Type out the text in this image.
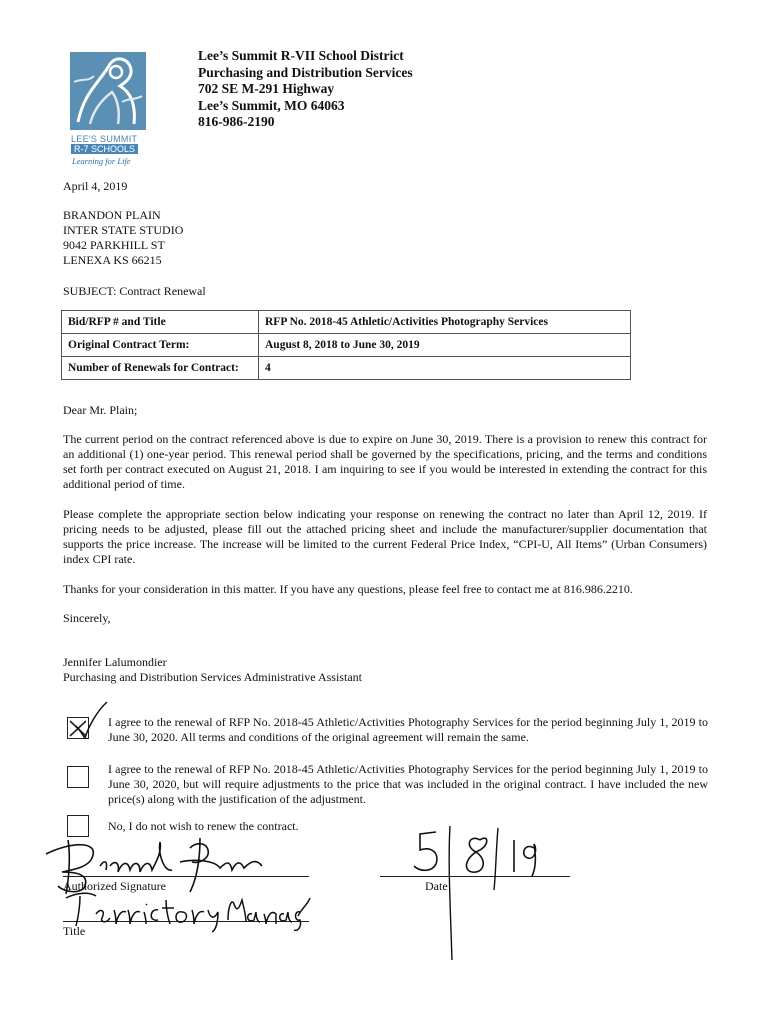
LEE'S SUMMIT
R-7 SCHOOLS
Learning for Life
Lee’s Summit R-VII School District
Purchasing and Distribution Services
702 SE M-291 Highway
Lee’s Summit, MO 64063
816-986-2190
April 4, 2019
BRANDON PLAIN
INTER STATE STUDIO
9042 PARKHILL ST
LENEXA KS 66215
SUBJECT: Contract Renewal
Bid/RFP # and Title	RFP No. 2018-45 Athletic/Activities Photography Services
Original Contract Term:	August 8, 2018 to June 30, 2019
Number of Renewals for Contract:	4
Dear Mr. Plain;

The current period on the contract referenced above is due to expire on June 30, 2019. There is a provision to renew this contract for an additional (1) one-year period. This renewal period shall be governed by the specifications, pricing, and the terms and conditions set forth per contract executed on August 21, 2018. I am inquiring to see if you would be interested in extending the contract for this additional period of time.

Please complete the appropriate section below indicating your response on renewing the contract no later than April 12, 2019. If pricing needs to be adjusted, please fill out the attached pricing sheet and include the manufacturer/supplier documentation that supports the price increase. The increase will be limited to the current Federal Price Index, “CPI-U, All Items” (Urban Consumers) index CPI rate.

Thanks for your consideration in this matter. If you have any questions, please feel free to contact me at 816.986.2210.

Sincerely,
Jennifer Lalumondier
Purchasing and Distribution Services Administrative Assistant
I agree to the renewal of RFP No. 2018-45 Athletic/Activities Photography Services for the period beginning July 1, 2019 to June 30, 2020. All terms and conditions of the original agreement will remain the same.
I agree to the renewal of RFP No. 2018-45 Athletic/Activities Photography Services for the period beginning July 1, 2019 to June 30, 2020, but will require adjustments to the price that was included in the original contract. I have included the new price(s) along with the justification of the adjustment.
No, I do not wish to renew the contract.
Authorized Signature	Date
Title
